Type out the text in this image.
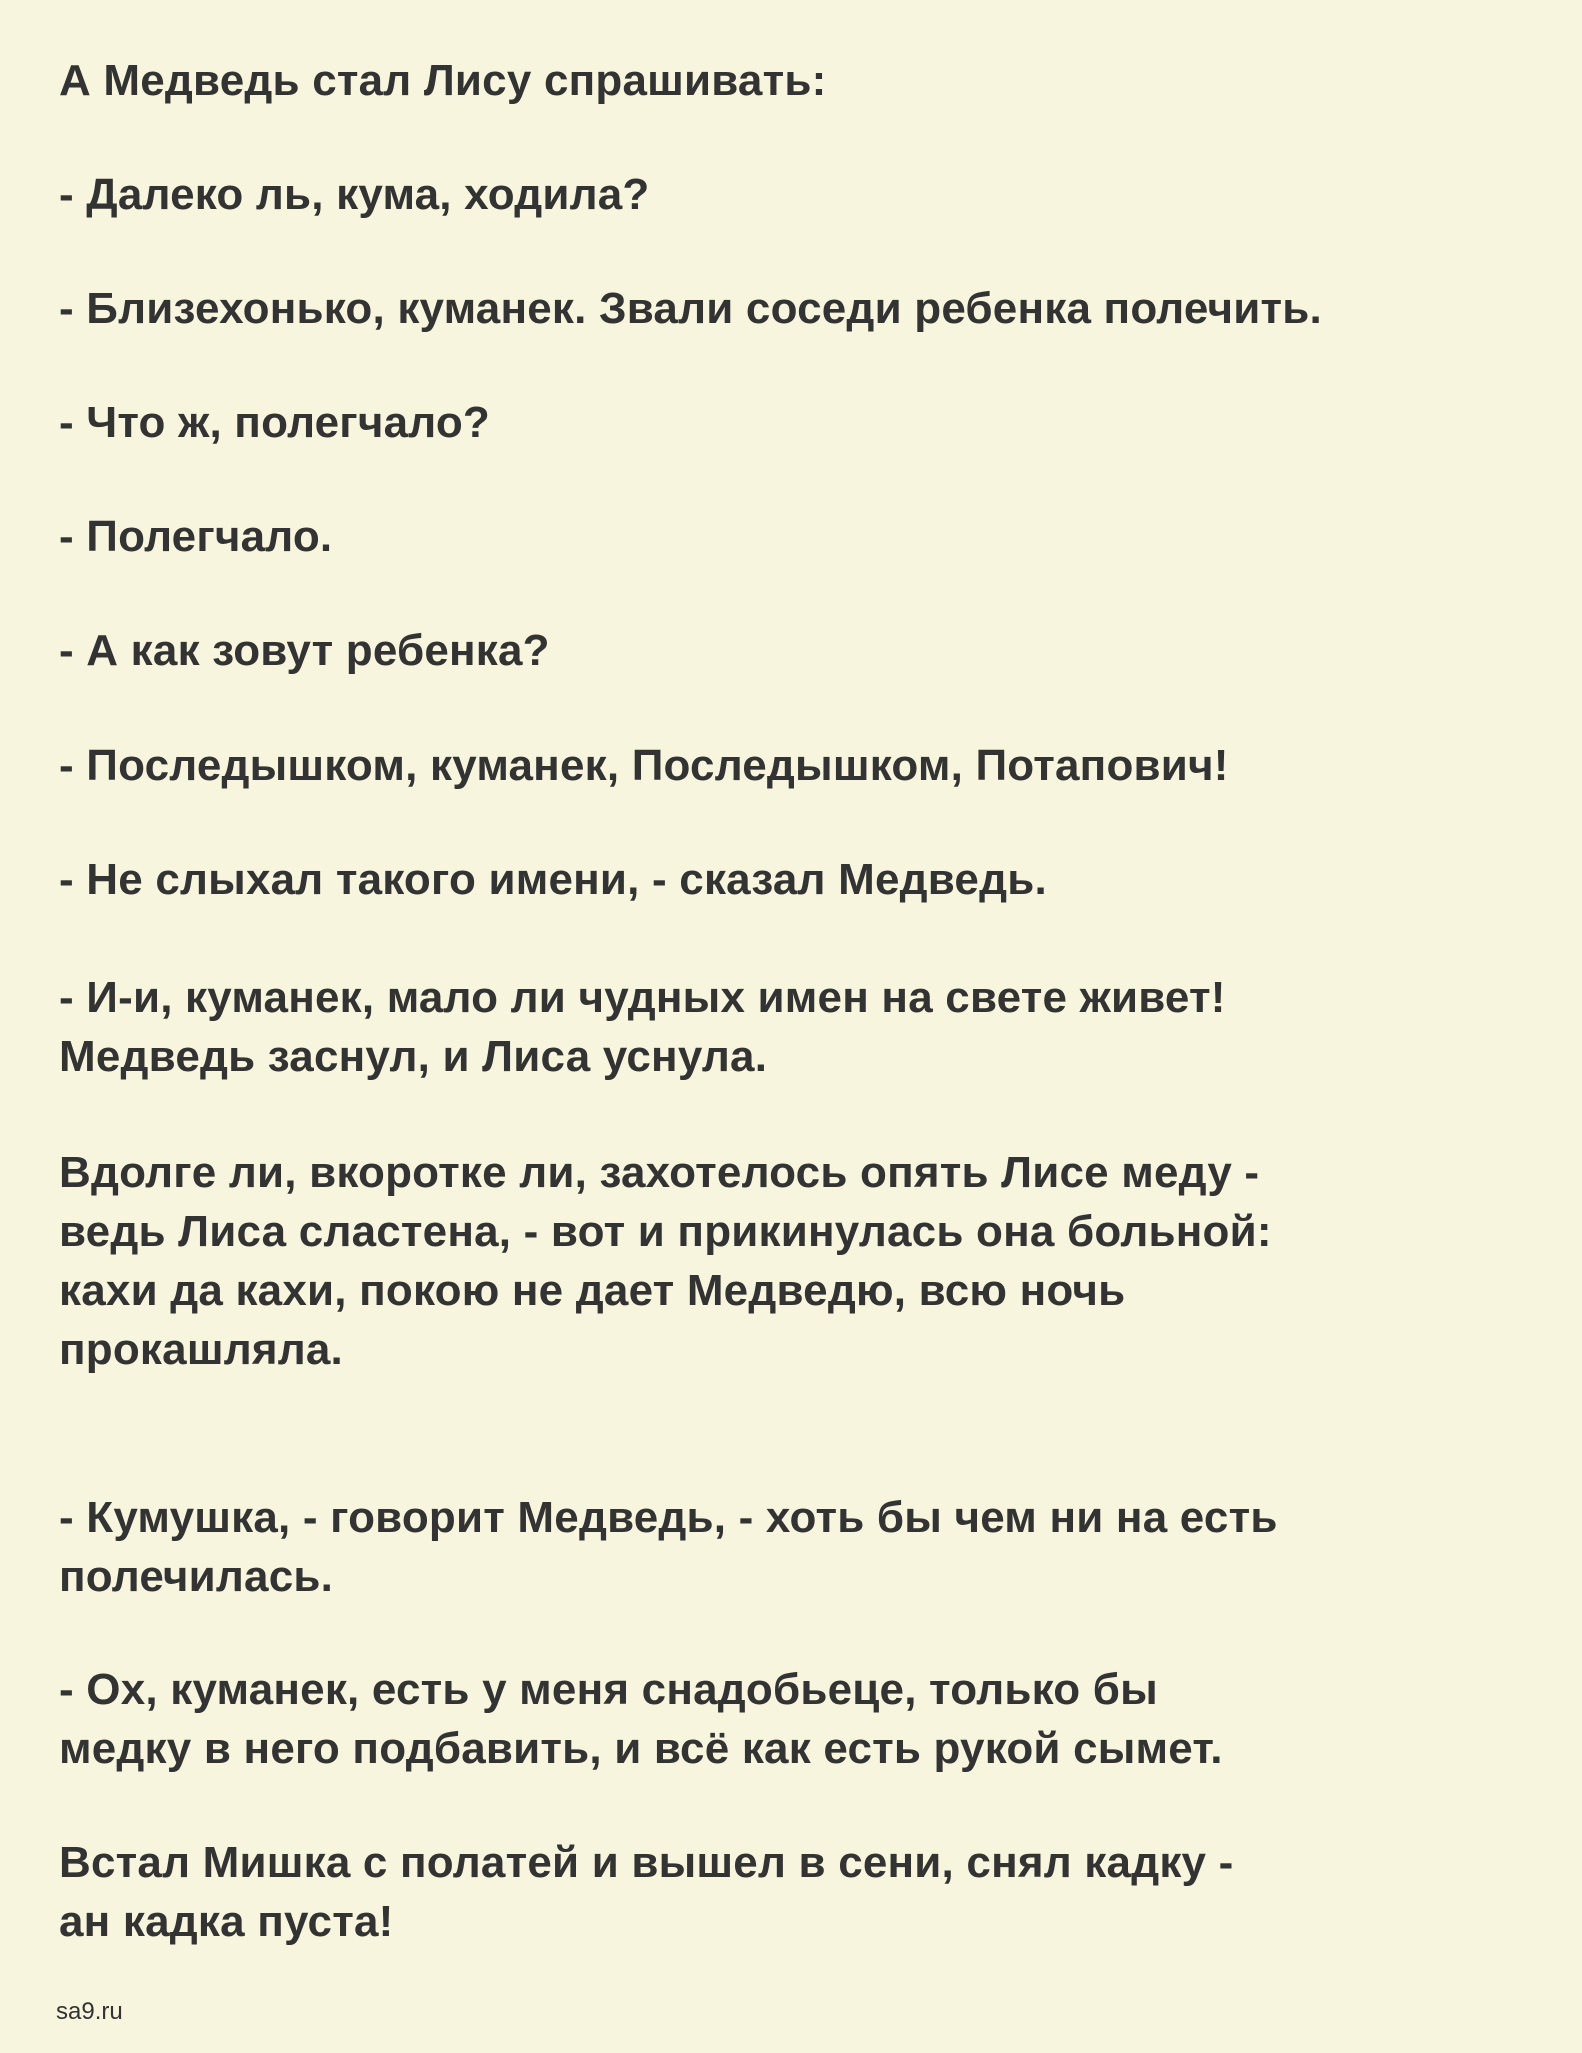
А Медведь стал Лису спрашивать:

- Далеко ль, кума, ходила?

- Близехонько, куманек. Звали соседи ребенка полечить.

- Что ж, полегчало?

- Полегчало.

- А как зовут ребенка?

- Последышком, куманек, Последышком, Потапович!

- Не слыхал такого имени, - сказал Медведь.

- И-и, куманек, мало ли чудных имен на свете живет!
Медведь заснул, и Лиса уснула.

Вдолге ли, вкоротке ли, захотелось опять Лисе меду -
ведь Лиса сластена, - вот и прикинулась она больной:
кахи да кахи, покою не дает Медведю, всю ночь
прокашляла.

- Кумушка, - говорит Медведь, - хоть бы чем ни на есть
полечилась.

- Ох, куманек, есть у меня снадобьеце, только бы
медку в него подбавить, и всё как есть рукой сымет.

Встал Мишка с полатей и вышел в сени, снял кадку -
ан кадка пуста!

sa9.ru
